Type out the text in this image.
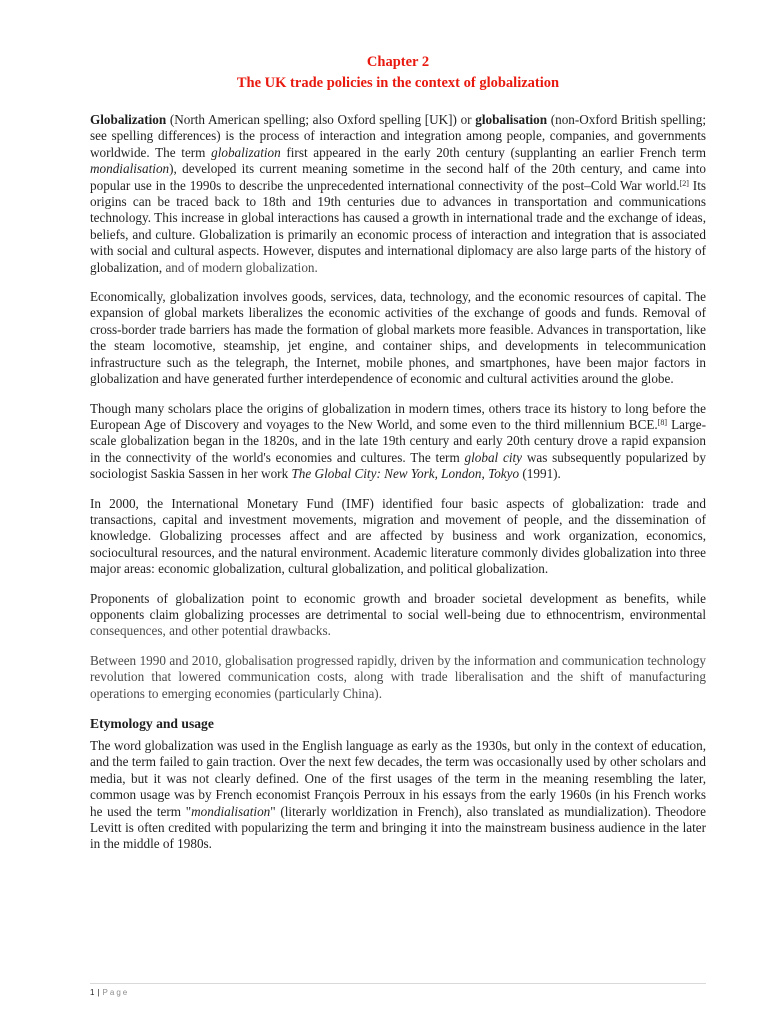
Chapter 2
The UK trade policies in the context of globalization

Globalization (North American spelling; also Oxford spelling [UK]) or globalisation (non-Oxford British spelling; see spelling differences) is the process of interaction and integration among people, companies, and governments worldwide. The term globalization first appeared in the early 20th century (supplanting an earlier French term mondialisation), developed its current meaning sometime in the second half of the 20th century, and came into popular use in the 1990s to describe the unprecedented international connectivity of the post–Cold War world.[2] Its origins can be traced back to 18th and 19th centuries due to advances in transportation and communications technology. This increase in global interactions has caused a growth in international trade and the exchange of ideas, beliefs, and culture. Globalization is primarily an economic process of interaction and integration that is associated with social and cultural aspects. However, disputes and international diplomacy are also large parts of the history of globalization, and of modern globalization.

Economically, globalization involves goods, services, data, technology, and the economic resources of capital. The expansion of global markets liberalizes the economic activities of the exchange of goods and funds. Removal of cross-border trade barriers has made the formation of global markets more feasible. Advances in transportation, like the steam locomotive, steamship, jet engine, and container ships, and developments in telecommunication infrastructure such as the telegraph, the Internet, mobile phones, and smartphones, have been major factors in globalization and have generated further interdependence of economic and cultural activities around the globe.

Though many scholars place the origins of globalization in modern times, others trace its history to long before the European Age of Discovery and voyages to the New World, and some even to the third millennium BCE.[8] Large-scale globalization began in the 1820s, and in the late 19th century and early 20th century drove a rapid expansion in the connectivity of the world's economies and cultures. The term global city was subsequently popularized by sociologist Saskia Sassen in her work The Global City: New York, London, Tokyo (1991).

In 2000, the International Monetary Fund (IMF) identified four basic aspects of globalization: trade and transactions, capital and investment movements, migration and movement of people, and the dissemination of knowledge. Globalizing processes affect and are affected by business and work organization, economics, sociocultural resources, and the natural environment. Academic literature commonly divides globalization into three major areas: economic globalization, cultural globalization, and political globalization.

Proponents of globalization point to economic growth and broader societal development as benefits, while opponents claim globalizing processes are detrimental to social well-being due to ethnocentrism, environmental consequences, and other potential drawbacks.

Between 1990 and 2010, globalisation progressed rapidly, driven by the information and communication technology revolution that lowered communication costs, along with trade liberalisation and the shift of manufacturing operations to emerging economies (particularly China).

Etymology and usage

The word globalization was used in the English language as early as the 1930s, but only in the context of education, and the term failed to gain traction. Over the next few decades, the term was occasionally used by other scholars and media, but it was not clearly defined. One of the first usages of the term in the meaning resembling the later, common usage was by French economist François Perroux in his essays from the early 1960s (in his French works he used the term "mondialisation" (literarly worldization in French), also translated as mundialization). Theodore Levitt is often credited with popularizing the term and bringing it into the mainstream business audience in the later in the middle of 1980s.

1 | Page
